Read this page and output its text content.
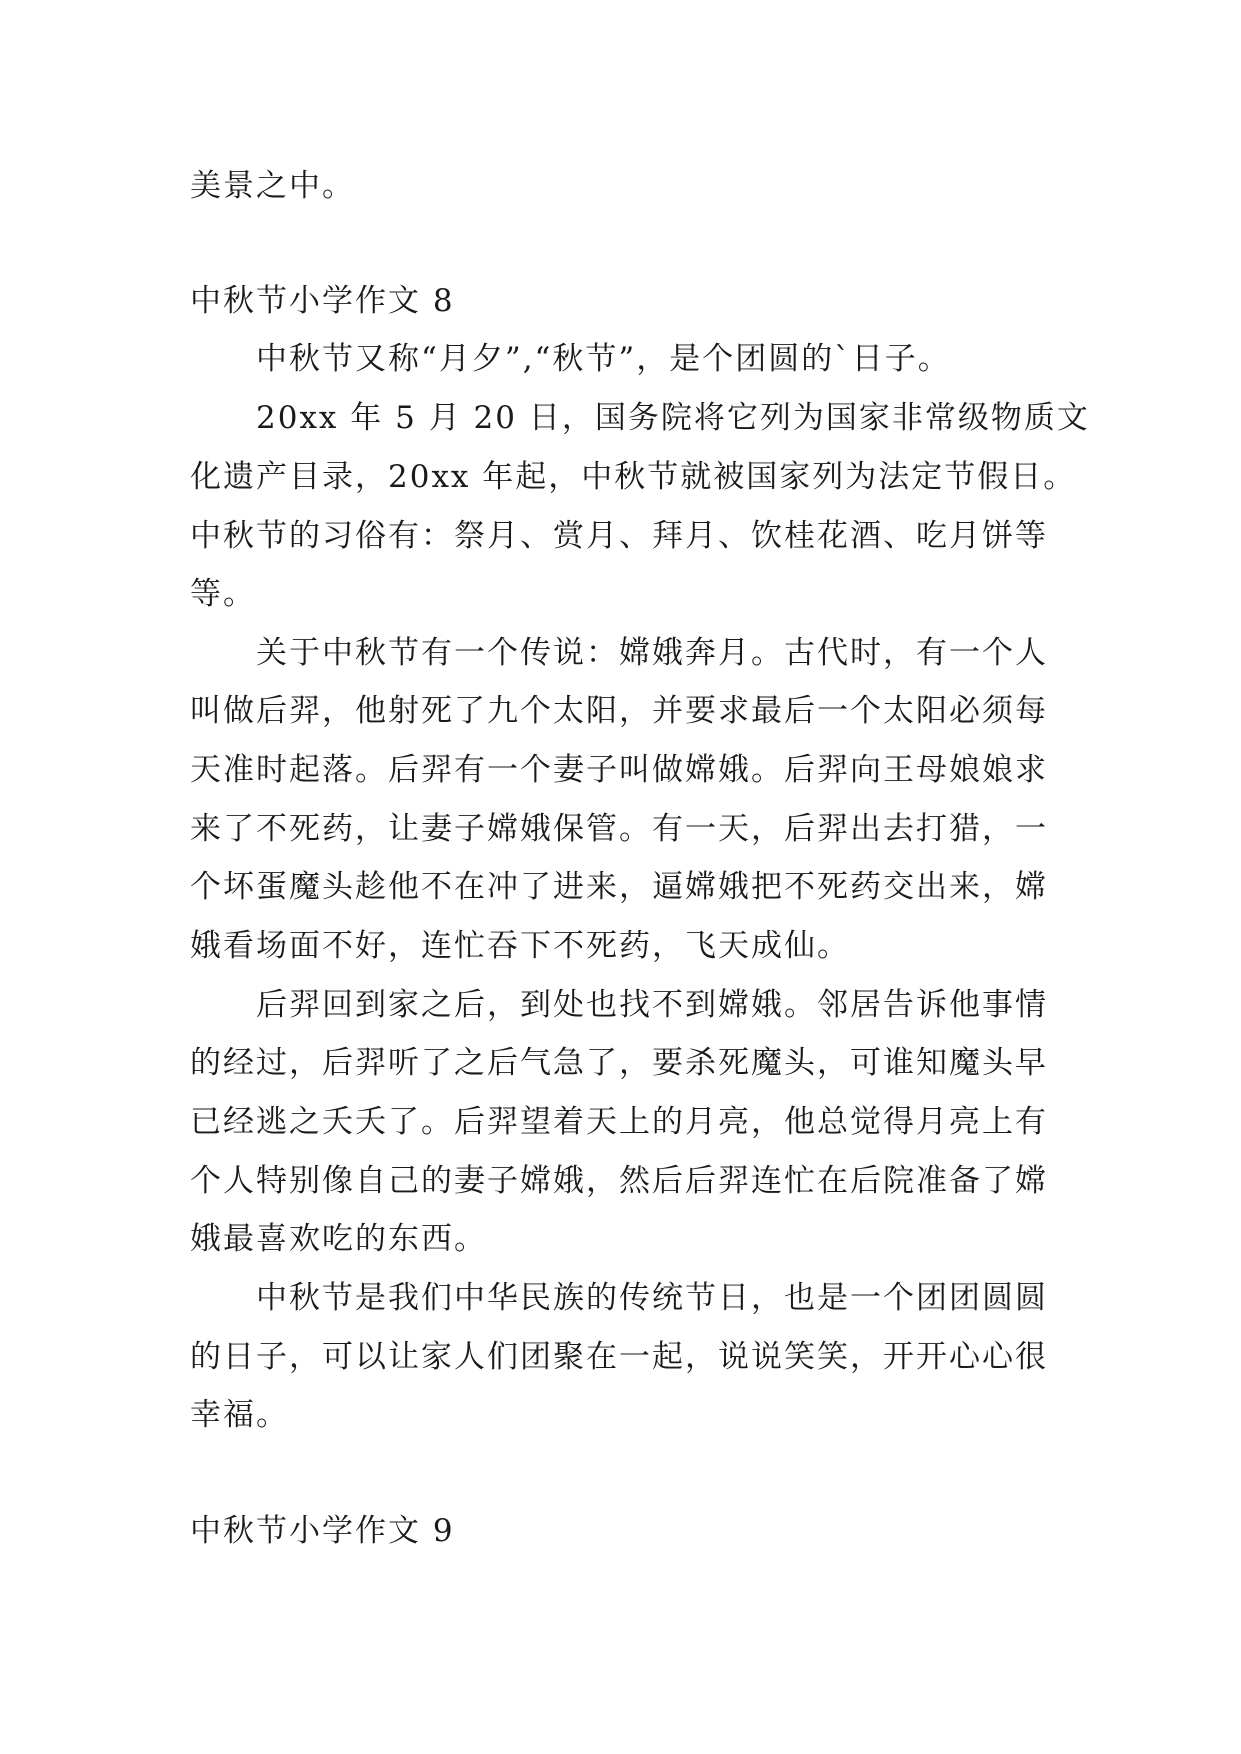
美景之中。

中秋节小学作文 8

中秋节又称“月夕”,“秋节”，是个团圆的`日子。

20xx 年 5 月 20 日，国务院将它列为国家非常级物质文

化遗产目录，20xx 年起，中秋节就被国家列为法定节假日。

中秋节的习俗有：祭月、赏月、拜月、饮桂花酒、吃月饼等

等。

关于中秋节有一个传说：嫦娥奔月。古代时，有一个人

叫做后羿，他射死了九个太阳，并要求最后一个太阳必须每

天准时起落。后羿有一个妻子叫做嫦娥。后羿向王母娘娘求

来了不死药，让妻子嫦娥保管。有一天，后羿出去打猎，一

个坏蛋魔头趁他不在冲了进来，逼嫦娥把不死药交出来，嫦

娥看场面不好，连忙吞下不死药，飞天成仙。

后羿回到家之后，到处也找不到嫦娥。邻居告诉他事情

的经过，后羿听了之后气急了，要杀死魔头，可谁知魔头早

已经逃之夭夭了。后羿望着天上的月亮，他总觉得月亮上有

个人特别像自己的妻子嫦娥，然后后羿连忙在后院准备了嫦

娥最喜欢吃的东西。

中秋节是我们中华民族的传统节日，也是一个团团圆圆

的日子，可以让家人们团聚在一起，说说笑笑，开开心心很

幸福。

中秋节小学作文 9
